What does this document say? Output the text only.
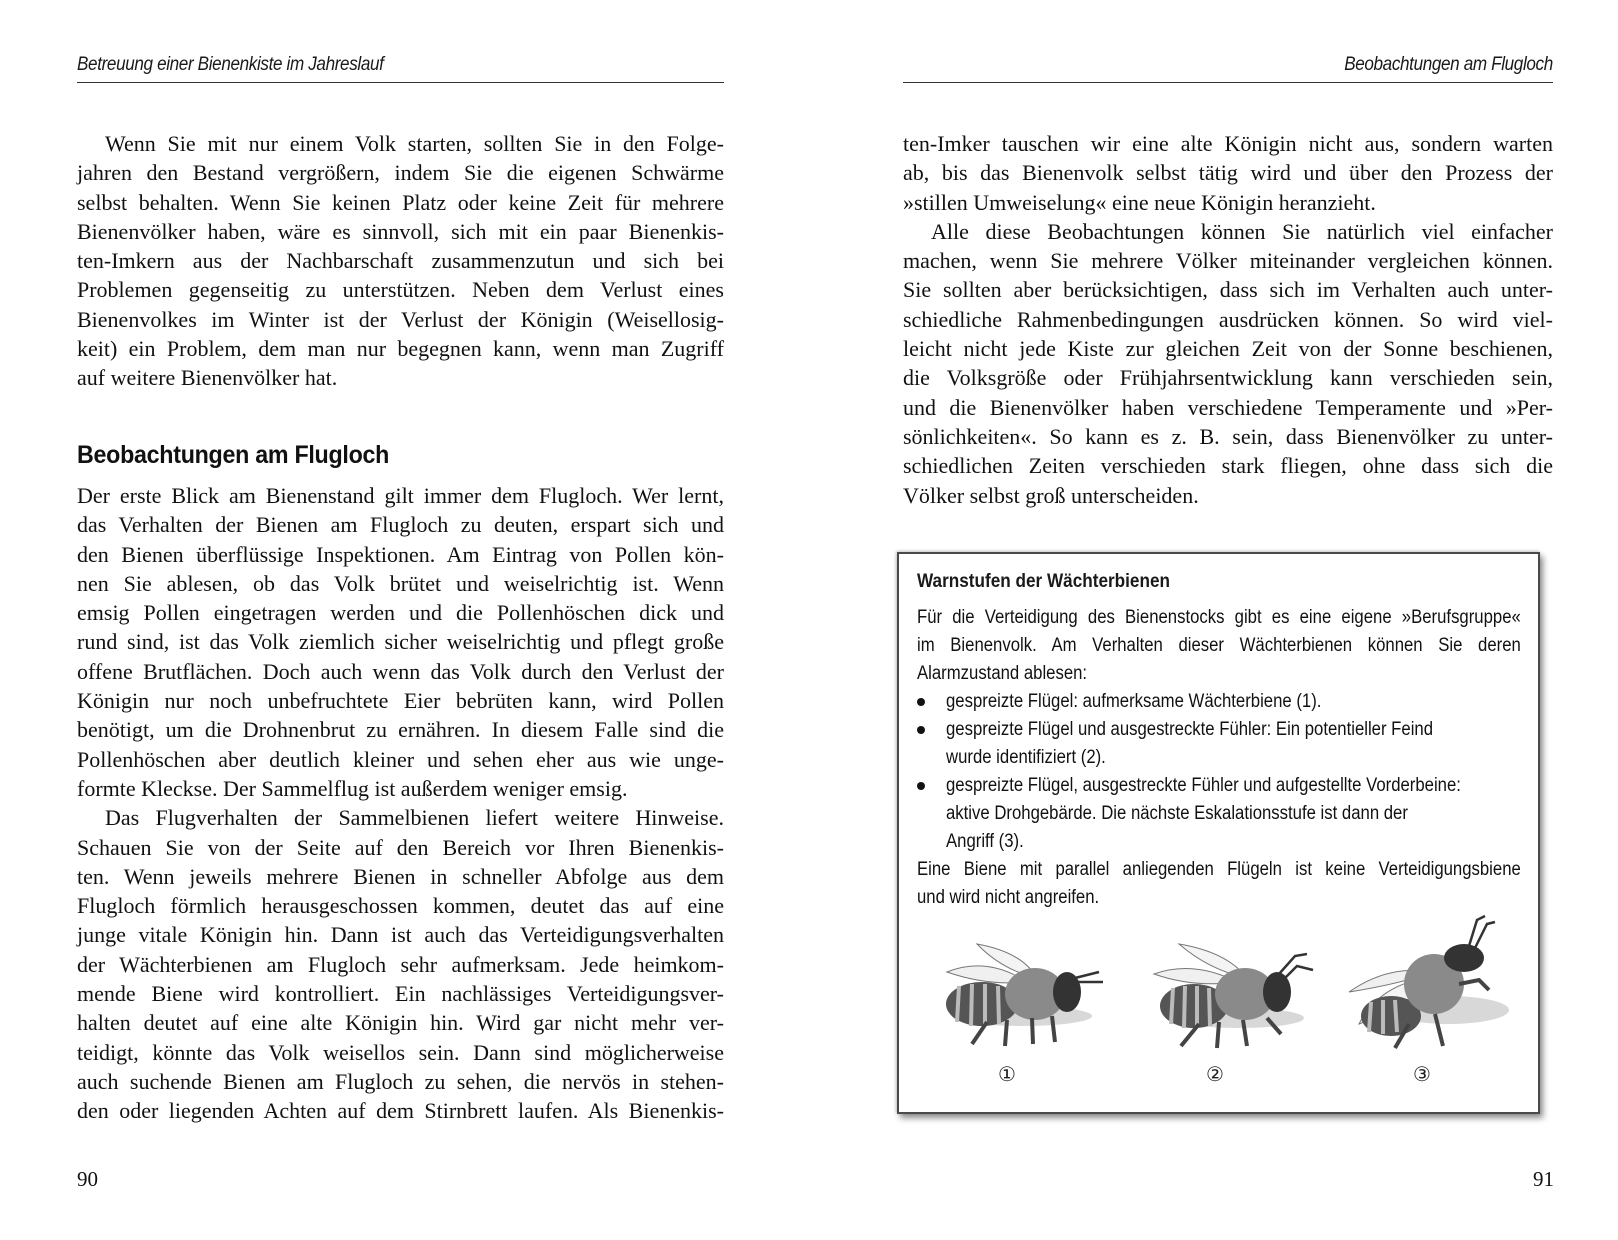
Betreuung einer Bienenkiste im Jahreslauf
Wenn Sie mit nur einem Volk starten, sollten Sie in den Folge-
jahren den Bestand vergrößern, indem Sie die eigenen Schwärme
selbst behalten. Wenn Sie keinen Platz oder keine Zeit für mehrere
Bienenvölker haben, wäre es sinnvoll, sich mit ein paar Bienenkis-
ten-Imkern aus der Nachbarschaft zusammenzutun und sich bei
Problemen gegenseitig zu unterstützen. Neben dem Verlust eines
Bienenvolkes im Winter ist der Verlust der Königin (Weisellosig-
keit) ein Problem, dem man nur begegnen kann, wenn man Zugriff
auf weitere Bienenvölker hat.
Beobachtungen am Flugloch
Der erste Blick am Bienenstand gilt immer dem Flugloch. Wer lernt,
das Verhalten der Bienen am Flugloch zu deuten, erspart sich und
den Bienen überflüssige Inspektionen. Am Eintrag von Pollen kön-
nen Sie ablesen, ob das Volk brütet und weiselrichtig ist. Wenn
emsig Pollen eingetragen werden und die Pollenhöschen dick und
rund sind, ist das Volk ziemlich sicher weiselrichtig und pflegt große
offene Brutflächen. Doch auch wenn das Volk durch den Verlust der
Königin nur noch unbefruchtete Eier bebrüten kann, wird Pollen
benötigt, um die Drohnenbrut zu ernähren. In diesem Falle sind die
Pollenhöschen aber deutlich kleiner und sehen eher aus wie unge-
formte Kleckse. Der Sammelflug ist außerdem weniger emsig.
Das Flugverhalten der Sammelbienen liefert weitere Hinweise.
Schauen Sie von der Seite auf den Bereich vor Ihren Bienenkis-
ten. Wenn jeweils mehrere Bienen in schneller Abfolge aus dem
Flugloch förmlich herausgeschossen kommen, deutet das auf eine
junge vitale Königin hin. Dann ist auch das Verteidigungsverhalten
der Wächterbienen am Flugloch sehr aufmerksam. Jede heimkom-
mende Biene wird kontrolliert. Ein nachlässiges Verteidigungsver-
halten deutet auf eine alte Königin hin. Wird gar nicht mehr ver-
teidigt, könnte das Volk weisellos sein. Dann sind möglicherweise
auch suchende Bienen am Flugloch zu sehen, die nervös in stehen-
den oder liegenden Achten auf dem Stirnbrett laufen. Als Bienenkis-
90
Beobachtungen am Flugloch
ten-Imker tauschen wir eine alte Königin nicht aus, sondern warten
ab, bis das Bienenvolk selbst tätig wird und über den Prozess der
»stillen Umweiselung« eine neue Königin heranzieht.
Alle diese Beobachtungen können Sie natürlich viel einfacher
machen, wenn Sie mehrere Völker miteinander vergleichen können.
Sie sollten aber berücksichtigen, dass sich im Verhalten auch unter-
schiedliche Rahmenbedingungen ausdrücken können. So wird viel-
leicht nicht jede Kiste zur gleichen Zeit von der Sonne beschienen,
die Volksgröße oder Frühjahrsentwicklung kann verschieden sein,
und die Bienenvölker haben verschiedene Temperamente und »Per-
sönlichkeiten«. So kann es z. B. sein, dass Bienenvölker zu unter-
schiedlichen Zeiten verschieden stark fliegen, ohne dass sich die
Völker selbst groß unterscheiden.
Warnstufen der Wächterbienen
Für die Verteidigung des Bienenstocks gibt es eine eigene »Berufsgruppe«
im Bienenvolk. Am Verhalten dieser Wächterbienen können Sie deren
Alarmzustand ablesen:
gespreizte Flügel: aufmerksame Wächterbiene (1).
gespreizte Flügel und ausgestreckte Fühler: Ein potentieller Feind
wurde identifiziert (2).
gespreizte Flügel, ausgestreckte Fühler und aufgestellte Vorderbeine:
aktive Drohgebärde. Die nächste Eskalationsstufe ist dann der
Angriff (3).
Eine Biene mit parallel anliegenden Flügeln ist keine Verteidigungsbiene
und wird nicht angreifen.
①	②	③
91
